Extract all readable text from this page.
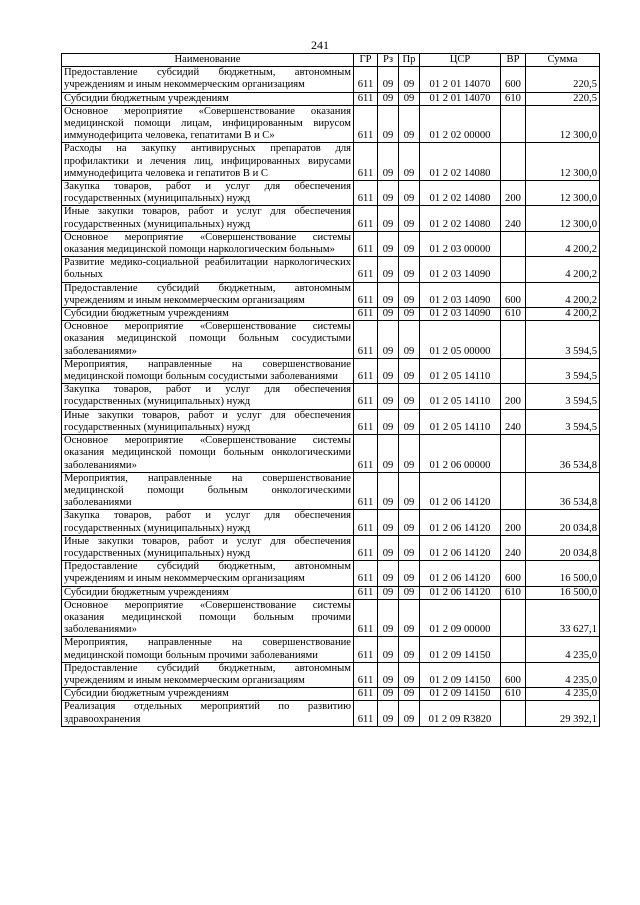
241
Наименование	ГР	Рз	Пр	ЦСР	ВР	Сумма
Предоставление субсидий бюджетным, автономным учреждениям и иным некоммерческим организациям	611	09	09	01 2 01 14070	600	220,5
Субсидии бюджетным учреждениям	611	09	09	01 2 01 14070	610	220,5
Основное мероприятие «Совершенствование оказания медицинской помощи лицам, инфицированным вирусом иммунодефицита человека, гепатитами В и С»	611	09	09	01 2 02 00000		12 300,0
Расходы на закупку антивирусных препаратов для профилактики и лечения лиц, инфицированных вирусами иммунодефицита человека и гепатитов В и С	611	09	09	01 2 02 14080		12 300,0
Закупка товаров, работ и услуг для обеспечения государственных (муниципальных) нужд	611	09	09	01 2 02 14080	200	12 300,0
Иные закупки товаров, работ и услуг для обеспечения государственных (муниципальных) нужд	611	09	09	01 2 02 14080	240	12 300,0
Основное мероприятие «Совершенствование системы оказания медицинской помощи наркологическим больным»	611	09	09	01 2 03 00000		4 200,2
Развитие медико-социальной реабилитации наркологических больных	611	09	09	01 2 03 14090		4 200,2
Предоставление субсидий бюджетным, автономным учреждениям и иным некоммерческим организациям	611	09	09	01 2 03 14090	600	4 200,2
Субсидии бюджетным учреждениям	611	09	09	01 2 03 14090	610	4 200,2
Основное мероприятие «Совершенствование системы оказания медицинской помощи больным сосудистыми заболеваниями»	611	09	09	01 2 05 00000		3 594,5
Мероприятия, направленные на совершенствование медицинской помощи больным сосудистыми заболеваниями	611	09	09	01 2 05 14110		3 594,5
Закупка товаров, работ и услуг для обеспечения государственных (муниципальных) нужд	611	09	09	01 2 05 14110	200	3 594,5
Иные закупки товаров, работ и услуг для обеспечения государственных (муниципальных) нужд	611	09	09	01 2 05 14110	240	3 594,5
Основное мероприятие «Совершенствование системы оказания медицинской помощи больным онкологическими заболеваниями»	611	09	09	01 2 06 00000		36 534,8
Мероприятия, направленные на совершенствование медицинской помощи больным онкологическими заболеваниями	611	09	09	01 2 06 14120		36 534,8
Закупка товаров, работ и услуг для обеспечения государственных (муниципальных) нужд	611	09	09	01 2 06 14120	200	20 034,8
Иные закупки товаров, работ и услуг для обеспечения государственных (муниципальных) нужд	611	09	09	01 2 06 14120	240	20 034,8
Предоставление субсидий бюджетным, автономным учреждениям и иным некоммерческим организациям	611	09	09	01 2 06 14120	600	16 500,0
Субсидии бюджетным учреждениям	611	09	09	01 2 06 14120	610	16 500,0
Основное мероприятие «Совершенствование системы оказания медицинской помощи больным прочими заболеваниями»	611	09	09	01 2 09 00000		33 627,1
Мероприятия, направленные на совершенствование медицинской помощи больным прочими заболеваниями	611	09	09	01 2 09 14150		4 235,0
Предоставление субсидий бюджетным, автономным учреждениям и иным некоммерческим организациям	611	09	09	01 2 09 14150	600	4 235,0
Субсидии бюджетным учреждениям	611	09	09	01 2 09 14150	610	4 235,0
Реализация отдельных мероприятий по развитию здравоохранения	611	09	09	01 2 09 R3820		29 392,1
